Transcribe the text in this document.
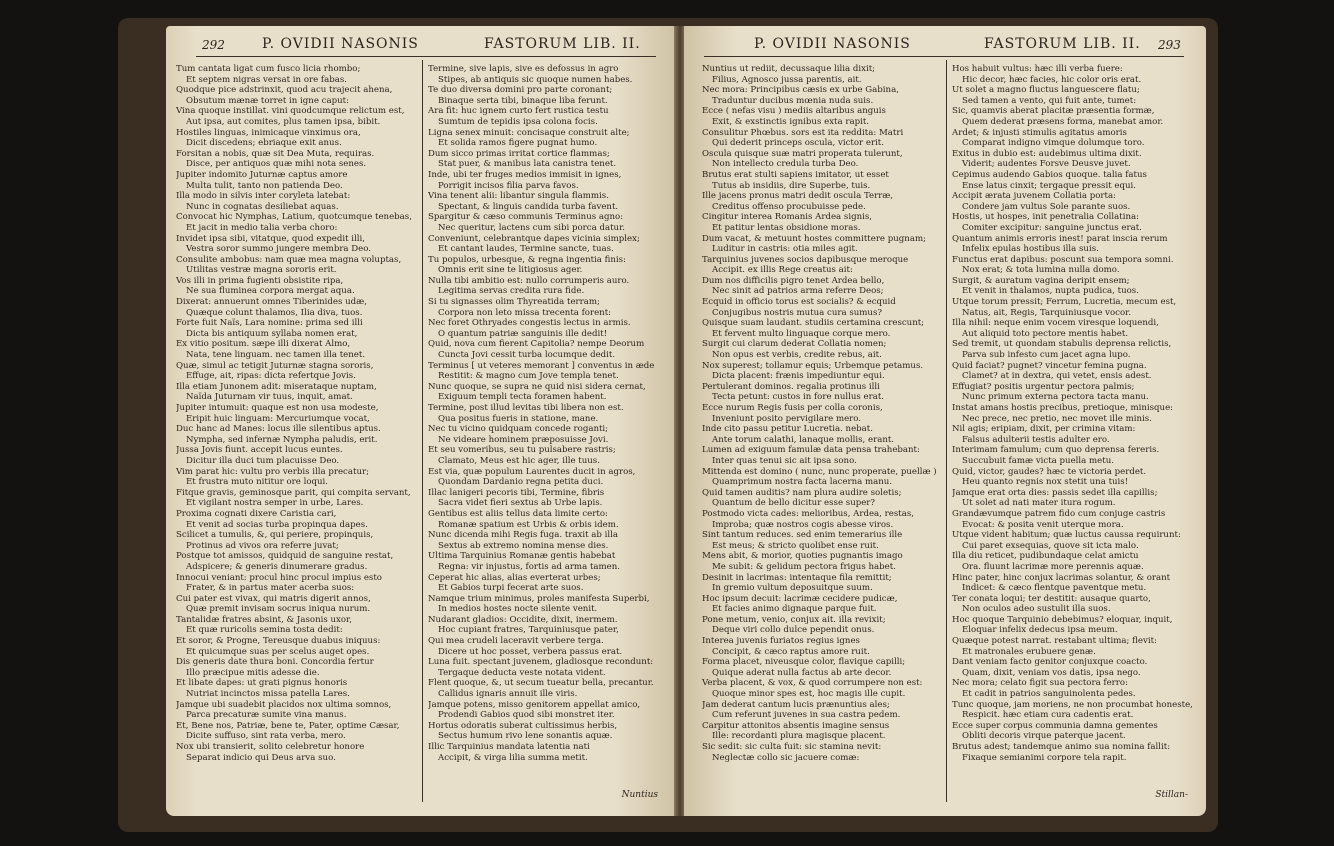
292	P. OVIDII NASONIS	FASTORUM LIB. II.
Tum cantata ligat cum fusco licia rhombo;
Et septem nigras versat in ore fabas.
Quodque pice adstrinxit, quod acu trajecit ahena,
Obsutum mænæ torret in igne caput:
Vina quoque instillat. vini quodcumque relictum est,
Aut ipsa, aut comites, plus tamen ipsa, bibit.
Hostiles linguas, inimicaque vinximus ora,
Dicit discedens; ebriaque exit anus.
Forsitan a nobis, quæ sit Dea Muta, requiras.
Disce, per antiquos quæ mihi nota senes.
Jupiter indomito Juturnæ captus amore
Multa tulit, tanto non patienda Deo.
Illa modo in silvis inter coryleta latebat:
Nunc in cognatas desiliebat aquas.
Convocat hic Nymphas, Latium, quotcumque tenebas,
Et jacit in medio talia verba choro:
Invidet ipsa sibi, vitatque, quod expedit illi,
Vestra soror summo jungere membra Deo.
Consulite ambobus: nam quæ mea magna voluptas,
Utilitas vestræ magna sororis erit.
Vos illi in prima fugienti obsistite ripa,
Ne sua fluminea corpora mergat aqua.
Dixerat: annuerunt omnes Tiberinides udæ,
Quæque colunt thalamos, Ilia diva, tuos.
Forte fuit Naïs, Lara nomine: prima sed illi
Dicta bis antiquum syllaba nomen erat,
Ex vitio positum. sæpe illi dixerat Almo,
Nata, tene linguam. nec tamen illa tenet.
Quæ, simul ac tetigit Juturnæ stagna sororis,
Effuge, ait, ripas: dicta refertque Jovis.
Illa etiam Junonem adit: miserataque nuptam,
Naïda Juturnam vir tuus, inquit, amat.
Jupiter intumuit: quaque est non usa modeste,
Eripit huic linguam: Mercuriumque vocat,
Duc hanc ad Manes: locus ille silentibus aptus.
Nympha, sed infernæ Nympha paludis, erit.
Jussa Jovis fiunt. accepit lucus euntes.
Dicitur illa duci tum placuisse Deo.
Vim parat hic: vultu pro verbis illa precatur;
Et frustra muto nititur ore loqui.
Fitque gravis, geminosque parit, qui compita servant,
Et vigilant nostra semper in urbe, Lares.
Proxima cognati dixere Caristia cari,
Et venit ad socias turba propinqua dapes.
Scilicet a tumulis, &, qui periere, propinquis,
Protinus ad vivos ora referre juvat;
Postque tot amissos, quidquid de sanguine restat,
Adspicere; & generis dinumerare gradus.
Innocui veniant: procul hinc procul impius esto
Frater, & in partus mater acerba suos:
Cui pater est vivax, qui matris digerit annos,
Quæ premit invisam socrus iniqua nurum.
Tantalidæ fratres absint, & Jasonis uxor,
Et quæ ruricolis semina tosta dedit:
Et soror, & Progne, Tereusque duabus iniquus:
Et quicumque suas per scelus auget opes.
Dis generis date thura boni. Concordia fertur
Illo præcipue mitis adesse die.
Et libate dapes: ut grati pignus honoris
Nutriat incinctos missa patella Lares.
Jamque ubi suadebit placidos nox ultima somnos,
Parca precaturæ sumite vina manus.
Et, Bene nos, Patriæ, bene te, Pater, optime Cæsar,
Dicite suffuso, sint rata verba, mero.
Nox ubi transierit, solito celebretur honore
Separat indicio qui Deus arva suo.
Termine, sive lapis, sive es defossus in agro
Stipes, ab antiquis sic quoque numen habes.
Te duo diversa domini pro parte coronant;
Binaque serta tibi, binaque liba ferunt.
Ara fit: huc ignem curto fert rustica testu
Sumtum de tepidis ipsa colona focis.
Ligna senex minuit: concisaque construit alte;
Et solida ramos figere pugnat humo.
Dum sicco primas irritat cortice flammas;
Stat puer, & manibus lata canistra tenet.
Inde, ubi ter fruges medios immisit in ignes,
Porrigit incisos filia parva favos.
Vina tenent alii: libantur singula flammis.
Spectant, & linguis candida turba favent.
Spargitur & cæso communis Terminus agno:
Nec queritur, lactens cum sibi porca datur.
Conveniunt, celebrantque dapes vicinia simplex;
Et cantant laudes, Termine sancte, tuas.
Tu populos, urbesque, & regna ingentia finis:
Omnis erit sine te litigiosus ager.
Nulla tibi ambitio est: nullo corrumperis auro.
Legitima servas credita rura fide.
Si tu signasses olim Thyreatida terram;
Corpora non leto missa trecenta forent:
Nec foret Othryades congestis lectus in armis.
O quantum patriæ sanguinis ille dedit!
Quid, nova cum fierent Capitolia? nempe Deorum
Cuncta Jovi cessit turba locumque dedit.
Terminus [ ut veteres memorant ] conventus in æde
Restitit: & magno cum Jove templa tenet.
Nunc quoque, se supra ne quid nisi sidera cernat,
Exiguum templi tecta foramen habent.
Termine, post illud levitas tibi libera non est.
Qua positus fueris in statione, mane.
Nec tu vicino quidquam concede roganti;
Ne videare hominem præposuisse Jovi.
Et seu vomeribus, seu tu pulsabere rastris;
Clamato, Meus est hic ager, ille tuus.
Est via, quæ populum Laurentes ducit in agros,
Quondam Dardanio regna petita duci.
Illac lanigeri pecoris tibi, Termine, fibris
Sacra videt fieri sextus ab Urbe lapis.
Gentibus est aliis tellus data limite certo:
Romanæ spatium est Urbis & orbis idem.
Nunc dicenda mihi Regis fuga. traxit ab illa
Sextus ab extremo nomina mense dies.
Ultima Tarquinius Romanæ gentis habebat
Regna: vir injustus, fortis ad arma tamen.
Ceperat hic alias, alias everterat urbes;
Et Gabios turpi fecerat arte suos.
Namque trium minimus, proles manifesta Superbi,
In medios hostes nocte silente venit.
Nudarant gladios: Occidite, dixit, inermem.
Hoc cupiant fratres, Tarquiniusque pater,
Qui mea crudeli laceravit verbere terga.
Dicere ut hoc posset, verbera passus erat.
Luna fuit. spectant juvenem, gladiosque recondunt:
Tergaque deducta veste notata vident.
Flent quoque, &, ut secum tueatur bella, precantur.
Callidus ignaris annuit ille viris.
Jamque potens, misso genitorem appellat amico,
Prodendi Gabios quod sibi monstret iter.
Hortus odoratis suberat cultissimus herbis,
Sectus humum rivo lene sonantis aquæ.
Illic Tarquinius mandata latentia nati
Accipit, & virga lilia summa metit.
Nuntius
P. OVIDII NASONIS	FASTORUM LIB. II. 293
Nuntius ut rediit, decussaque lilia dixit;
Filius, Agnosco jussa parentis, ait.
Nec mora: Principibus cæsis ex urbe Gabina,
Traduntur ducibus mœnia nuda suis.
Ecce ( nefas visu ) mediis altaribus anguis
Exit, & exstinctis ignibus exta rapit.
Consulitur Phœbus. sors est ita reddita: Matri
Qui dederit princeps oscula, victor erit.
Oscula quisque suæ matri properata tulerunt,
Non intellecto credula turba Deo.
Brutus erat stulti sapiens imitator, ut esset
Tutus ab insidiis, dire Superbe, tuis.
Ille jacens pronus matri dedit oscula Terræ,
Creditus offenso procubuisse pede.
Cingitur interea Romanis Ardea signis,
Et patitur lentas obsidione moras.
Dum vacat, & metuunt hostes committere pugnam;
Luditur in castris: otia miles agit.
Tarquinius juvenes socios dapibusque meroque
Accipit. ex illis Rege creatus ait:
Dum nos difficilis pigro tenet Ardea bello,
Nec sinit ad patrios arma referre Deos;
Ecquid in officio torus est socialis? & ecquid
Conjugibus nostris mutua cura sumus?
Quisque suam laudant. studiis certamina crescunt;
Et fervent multo linguaque corque mero.
Surgit cui clarum dederat Collatia nomen;
Non opus est verbis, credite rebus, ait.
Nox superest; tollamur equis; Urbemque petamus.
Dicta placent: frænis impediuntur equi.
Pertulerant dominos. regalia protinus illi
Tecta petunt: custos in fore nullus erat.
Ecce nurum Regis fusis per colla coronis,
Inveniunt posito pervigilare mero.
Inde cito passu petitur Lucretia. nebat.
Ante torum calathi, lanaque mollis, erant.
Lumen ad exiguum famulæ data pensa trahebant:
Inter quas tenui sic ait ipsa sono.
Mittenda est domino ( nunc, nunc properate, puellæ )
Quamprimum nostra facta lacerna manu.
Quid tamen auditis? nam plura audire soletis;
Quantum de bello dicitur esse super?
Postmodo victa cades: melioribus, Ardea, restas,
Improba; quæ nostros cogis abesse viros.
Sint tantum reduces. sed enim temerarius ille
Est meus; & stricto quolibet ense ruit.
Mens abit, & morior, quoties pugnantis imago
Me subit: & gelidum pectora frigus habet.
Desinit in lacrimas: intentaque fila remittit;
In gremio vultum deposuitque suum.
Hoc ipsum decuit: lacrimæ cecidere pudicæ,
Et facies animo dignaque parque fuit.
Pone metum, venio, conjux ait. illa revixit;
Deque viri collo dulce pependit onus.
Interea juvenis furiatos regius ignes
Concipit, & cæco raptus amore ruit.
Forma placet, niveusque color, flavique capilli;
Quique aderat nulla factus ab arte decor.
Verba placent, & vox, & quod corrumpere non est:
Quoque minor spes est, hoc magis ille cupit.
Jam dederat cantum lucis prænuntius ales;
Cum referunt juvenes in sua castra pedem.
Carpitur attonitos absentis imagine sensus
Ille: recordanti plura magisque placent.
Sic sedit: sic culta fuit: sic stamina nevit:
Neglectæ collo sic jacuere comæ:
Hos habuit vultus: hæc illi verba fuere:
Hic decor, hæc facies, hic color oris erat.
Ut solet a magno fluctus languescere flatu;
Sed tamen a vento, qui fuit ante, tumet:
Sic, quamvis aberat placitæ præsentia formæ,
Quem dederat præsens forma, manebat amor.
Ardet; & injusti stimulis agitatus amoris
Comparat indigno vimque dolumque toro.
Exitus in dubio est: audebimus ultima dixit.
Viderit; audentes Forsve Deusve juvet.
Cepimus audendo Gabios quoque. talia fatus
Ense latus cinxit; tergaque pressit equi.
Accipit ærata juvenem Collatia porta:
Condere jam vultus Sole parante suos.
Hostis, ut hospes, init penetralia Collatina:
Comiter excipitur: sanguine junctus erat.
Quantum animis erroris inest! parat inscia rerum
Infelix epulas hostibus illa suis.
Functus erat dapibus: poscunt sua tempora somni.
Nox erat; & tota lumina nulla domo.
Surgit, & auratum vagina deripit ensem;
Et venit in thalamos, nupta pudica, tuos.
Utque torum pressit; Ferrum, Lucretia, mecum est,
Natus, ait, Regis, Tarquiniusque vocor.
Illa nihil: neque enim vocem viresque loquendi,
Aut aliquid toto pectore mentis habet.
Sed tremit, ut quondam stabulis deprensa relictis,
Parva sub infesto cum jacet agna lupo.
Quid faciat? pugnet? vincetur femina pugna.
Clamet? at in dextra, qui vetet, ensis adest.
Effugiat? positis urgentur pectora palmis;
Nunc primum externa pectora tacta manu.
Instat amans hostis precibus, pretioque, minisque:
Nec prece, nec pretio, nec movet ille minis.
Nil agis; eripiam, dixit, per crimina vitam:
Falsus adulterii testis adulter ero.
Interimam famulum; cum quo deprensa fereris.
Succubuit famæ victa puella metu.
Quid, victor, gaudes? hæc te victoria perdet.
Heu quanto regnis nox stetit una tuis!
Jamque erat orta dies: passis sedet illa capillis;
Ut solet ad nati mater itura rogum.
Grandævumque patrem fido cum conjuge castris
Evocat: & posita venit uterque mora.
Utque vident habitum; quæ luctus caussa requirunt:
Cui paret exsequias, quove sit icta malo.
Illa diu reticet, pudibundaque celat amictu
Ora. fluunt lacrimæ more perennis aquæ.
Hinc pater, hinc conjux lacrimas solantur, & orant
Indicet: & cæco flentque paventque metu.
Ter conata loqui; ter destitit: ausaque quarto,
Non oculos adeo sustulit illa suos.
Hoc quoque Tarquinio debebimus? eloquar, inquit,
Eloquar infelix dedecus ipsa meum.
Quæque potest narrat. restabant ultima; flevit:
Et matronales erubuere genæ.
Dant veniam facto genitor conjuxque coacto.
Quam, dixit, veniam vos datis, ipsa nego.
Nec mora; celato figit sua pectora ferro:
Et cadit in patrios sanguinolenta pedes.
Tunc quoque, jam moriens, ne non procumbat honeste,
Respicit. hæc etiam cura cadentis erat.
Ecce super corpus communia damna gementes
Obliti decoris virque paterque jacent.
Brutus adest; tandemque animo sua nomina fallit:
Fixaque semianimi corpore tela rapit.
Stillan-
